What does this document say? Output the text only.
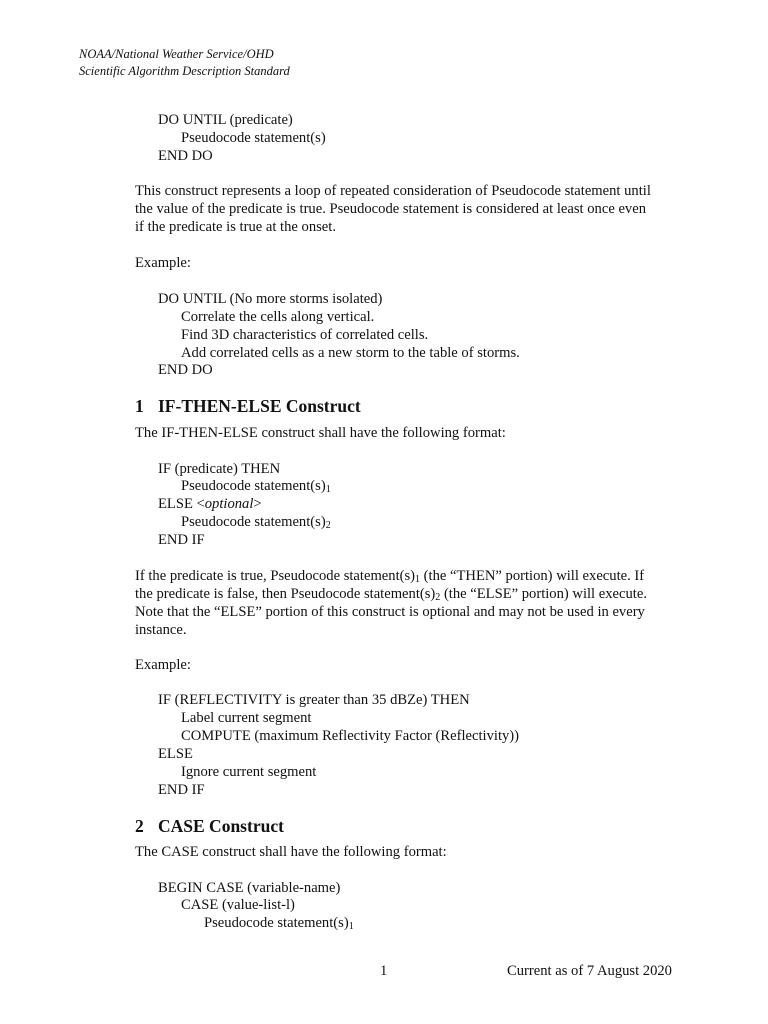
NOAA/National Weather Service/OHD
Scientific Algorithm Description Standard
DO UNTIL (predicate)
Pseudocode statement(s)
END DO
This construct represents a loop of repeated consideration of Pseudocode statement until
the value of the predicate is true. Pseudocode statement is considered at least once even
if the predicate is true at the onset.
Example:
DO UNTIL (No more storms isolated)
Correlate the cells along vertical.
Find 3D characteristics of correlated cells.
Add correlated cells as a new storm to the table of storms.
END DO
1 IF-THEN-ELSE Construct
The IF-THEN-ELSE construct shall have the following format:
IF (predicate) THEN
Pseudocode $statement(s)_1$
ELSE <optional>
Pseudocode $statement(s)_2$
END IF
If the predicate is true, Pseudocode $statement(s)_1$ (the “THEN” portion) will execute. If
the predicate is false, then Pseudocode $statement(s)_2$ (the “ELSE” portion) will execute.
Note that the “ELSE” portion of this construct is optional and may not be used in every
instance.
Example:
IF (REFLECTIVITY is greater than 35 dBZe) THEN
Label current segment
COMPUTE (maximum Reflectivity Factor (Reflectivity))
ELSE
Ignore current segment
END IF
2 CASE Construct
The CASE construct shall have the following format:
BEGIN CASE (variable-name)
CASE (value-list-l)
Pseudocode $statement(s)_1$
1	Current as of 7 August 2020
